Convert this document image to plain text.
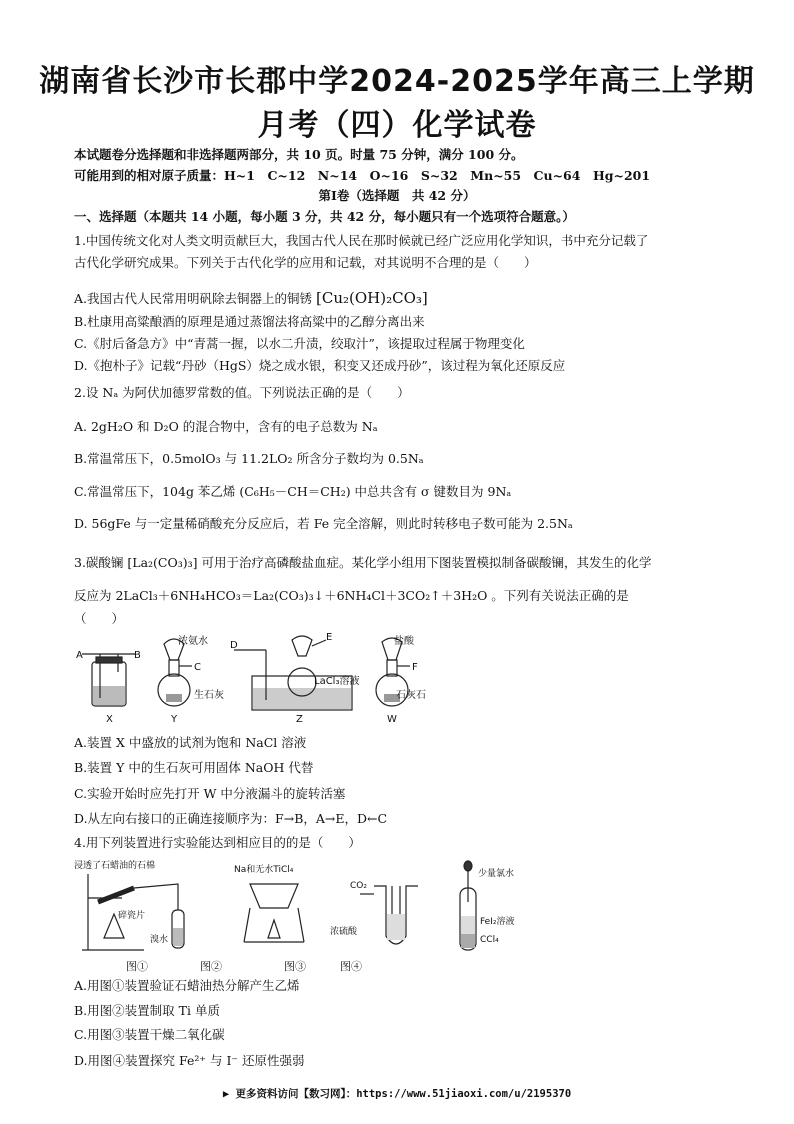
湖南省长沙市长郡中学2024-2025学年高三上学期
月考（四）化学试卷
本试题卷分选择题和非选择题两部分，共 10 页。时量 75 分钟，满分 100 分。
可能用到的相对原子质量：H~1　C~12　N~14　O~16　S~32　Mn~55　Cu~64　Hg~201
第Ⅰ卷（选择题　共 42 分）
一、选择题（本题共 14 小题，每小题 3 分，共 42 分，每小题只有一个选项符合题意。）
1.中国传统文化对人类文明贡献巨大，我国古代人民在那时候就已经广泛应用化学知识，书中充分记载了
古代化学研究成果。下列关于古代化学的应用和记载，对其说明不合理的是（　　）
A.我国古代人民常用明矾除去铜器上的铜锈 [Cu₂(OH)₂CO₃]
B.杜康用高粱酿酒的原理是通过蒸馏法将高粱中的乙醇分离出来
C.《肘后备急方》中“青蒿一握，以水二升渍，绞取汁”，该提取过程属于物理变化
D.《抱朴子》记载“丹砂（HgS）烧之成水银，积变又还成丹砂”，该过程为氧化还原反应
2.设 Nₐ 为阿伏加德罗常数的值。下列说法正确的是（　　）
A. 2gH₂O 和 D₂O 的混合物中，含有的电子总数为 Nₐ
B.常温常压下，0.5molO₃ 与 11.2LO₂ 所含分子数均为 0.5Nₐ
C.常温常压下，104g 苯乙烯 (C₆H₅－CH＝CH₂) 中总共含有 σ 键数目为 9Nₐ
D. 56gFe 与一定量稀硝酸充分反应后，若 Fe 完全溶解，则此时转移电子数可能为 2.5Nₐ
3.碳酸镧 [La₂(CO₃)₃] 可用于治疗高磷酸盐血症。某化学小组用下图装置模拟制备碳酸镧，其发生的化学
反应为 2LaCl₃＋6NH₄HCO₃＝La₂(CO₃)₃↓＋6NH₄Cl＋3CO₂↑＋3H₂O 。下列有关说法正确的是
（　　）
A	B
X
浓氨水
C
生石灰
Y
D
E
LaCl₃溶液
Z
盐酸
F
石灰石
W
A.装置 X 中盛放的试剂为饱和 NaCl 溶液
B.装置 Y 中的生石灰可用固体 NaOH 代替
C.实验开始时应先打开 W 中分液漏斗的旋转活塞
D.从左向右接口的正确连接顺序为：F→B，A→E，D←C
4.用下列装置进行实验能达到相应目的的是（　　）
浸透了石蜡油的石棉
碎瓷片
溴水
Na和无水TiCl₄
CO₂
浓硫酸
少量氯水
FeI₂溶液
CCl₄
图①	图②	图③	图④
A.用图①装置验证石蜡油热分解产生乙烯
B.用图②装置制取 Ti 单质
C.用图③装置干燥二氧化碳
D.用图④装置探究 Fe²⁺ 与 I⁻ 还原性强弱
▶ 更多资料访问【数习网】：https://www.51jiaoxi.com/u/2195370
